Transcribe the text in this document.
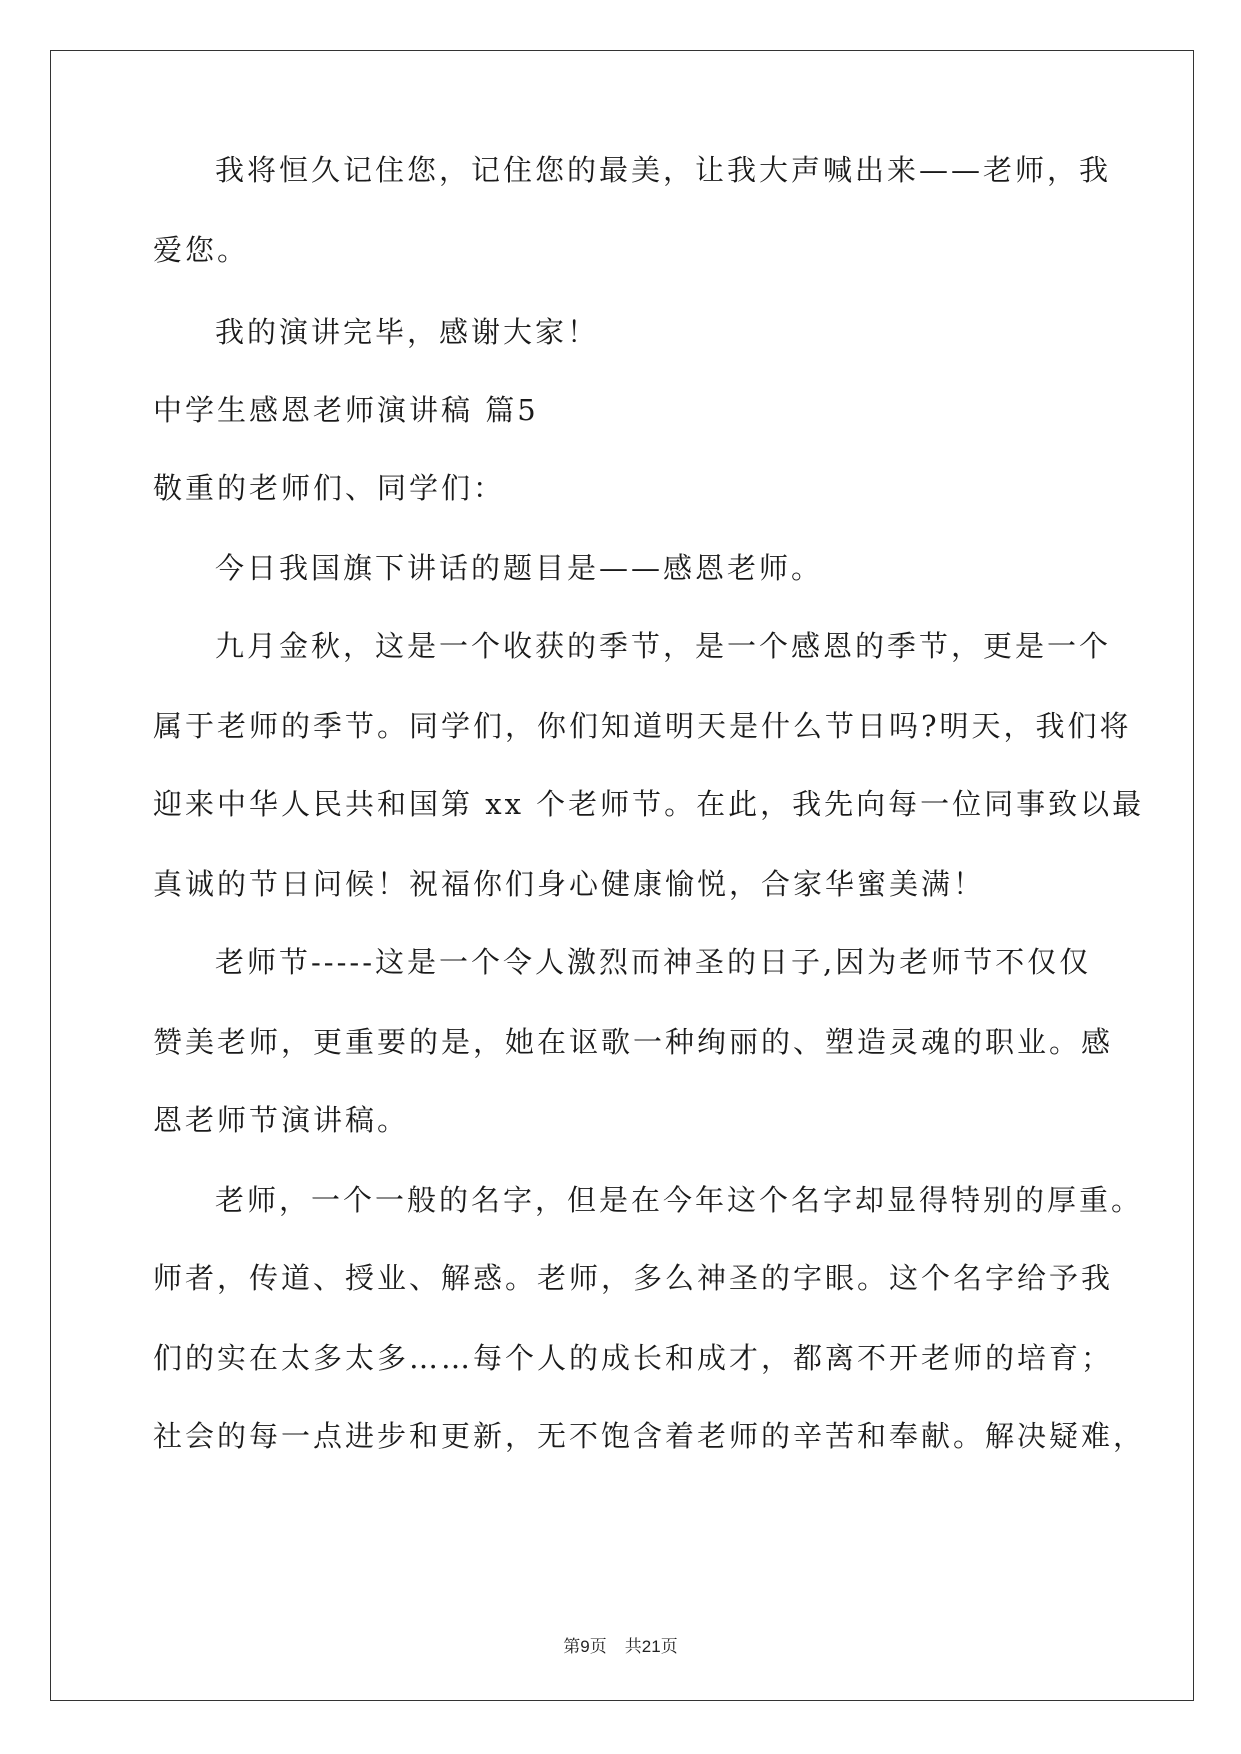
我将恒久记住您，记住您的最美，让我大声喊出来——老师，我
爱您。
我的演讲完毕，感谢大家！
中学生感恩老师演讲稿 篇5
敬重的老师们、同学们：
今日我国旗下讲话的题目是——感恩老师。
九月金秋，这是一个收获的季节，是一个感恩的季节，更是一个
属于老师的季节。同学们，你们知道明天是什么节日吗?明天，我们将
迎来中华人民共和国第 xx 个老师节。在此，我先向每一位同事致以最
真诚的节日问候！祝福你们身心健康愉悦，合家华蜜美满！
老师节-----这是一个令人激烈而神圣的日子,因为老师节不仅仅
赞美老师，更重要的是，她在讴歌一种绚丽的、塑造灵魂的职业。感
恩老师节演讲稿。
老师，一个一般的名字，但是在今年这个名字却显得特别的厚重。
师者，传道、授业、解惑。老师，多么神圣的字眼。这个名字给予我
们的实在太多太多……每个人的成长和成才，都离不开老师的培育；
社会的每一点进步和更新，无不饱含着老师的辛苦和奉献。解决疑难，
第9页 共21页
